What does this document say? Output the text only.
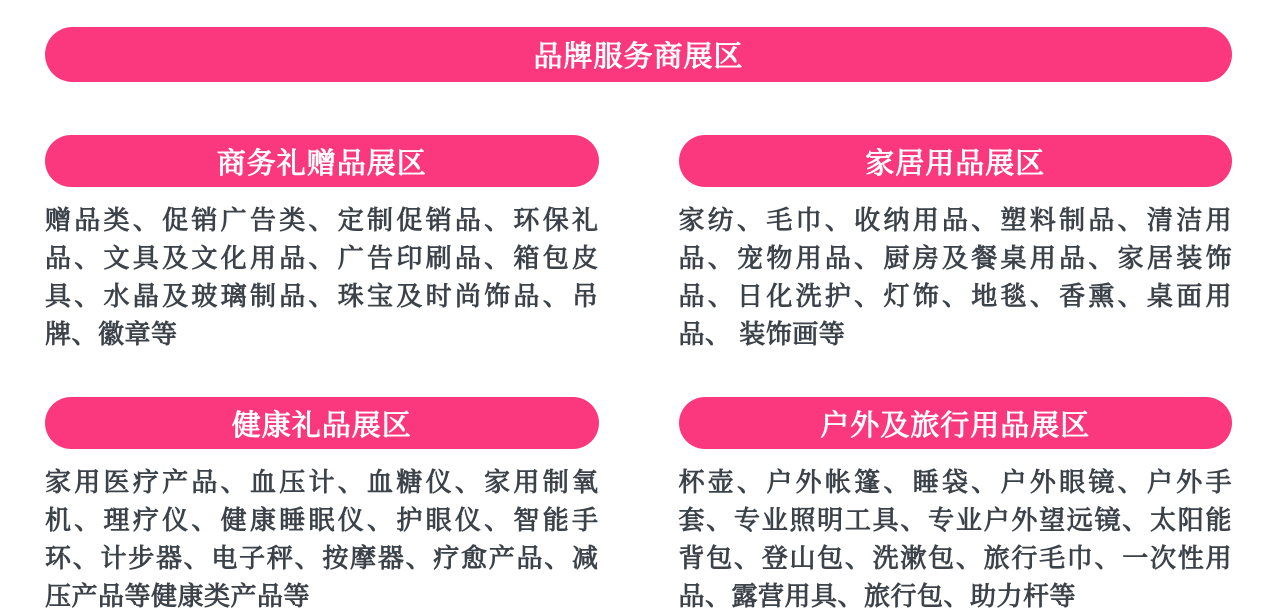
品牌服务商展区
商务礼赠品展区

赠品类、促销广告类、定制促销品、环保礼品、文具及文化用品、广告印刷品、箱包皮具、水晶及玻璃制品、珠宝及时尚饰品、吊牌、徽章等

家居用品展区

家纺、毛巾、收纳用品、塑料制品、清洁用品、宠物用品、厨房及餐桌用品、家居装饰品、日化洗护、灯饰、地毯、香熏、桌面用品、 装饰画等

健康礼品展区

家用医疗产品、血压计、血糖仪、家用制氧机、理疗仪、健康睡眠仪、护眼仪、智能手环、计步器、电子秤、按摩器、疗愈产品、减压产品等健康类产品等

户外及旅行用品展区

杯壶、户外帐篷、睡袋、户外眼镜、户外手套、专业照明工具、专业户外望远镜、太阳能背包、登山包、洗漱包、旅行毛巾、一次性用品、露营用具、旅行包、助力杆等
